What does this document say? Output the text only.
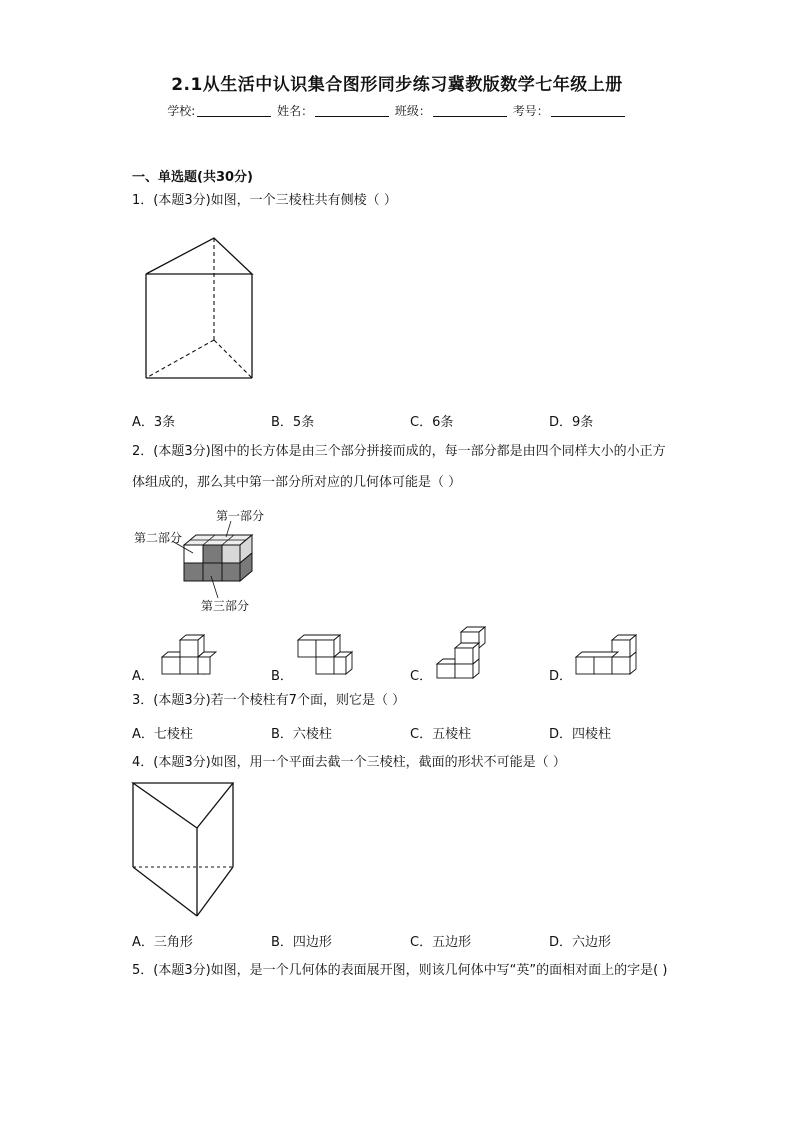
2.1从生活中认识集合图形同步练习冀教版数学七年级上册
学校:	姓名：	班级：	考号：
一、单选题(共30分)
1．(本题3分)如图，一个三棱柱共有侧棱（ ）
A．3条	B．5条	C．6条	D．9条
2．(本题3分)图中的长方体是由三个部分拼接而成的，每一部分都是由四个同样大小的小正方体组成的，那么其中第一部分所对应的几何体可能是（ ）
第一部分
第二部分
第三部分
A．	B．	C．	D．
3．(本题3分)若一个棱柱有7个面，则它是（ ）
A．七棱柱	B．六棱柱	C．五棱柱	D．四棱柱
4．(本题3分)如图，用一个平面去截一个三棱柱，截面的形状不可能是（ ）
A．三角形	B．四边形	C．五边形	D．六边形
5．(本题3分)如图，是一个几何体的表面展开图，则该几何体中写“英”的面相对面上的字是( )
